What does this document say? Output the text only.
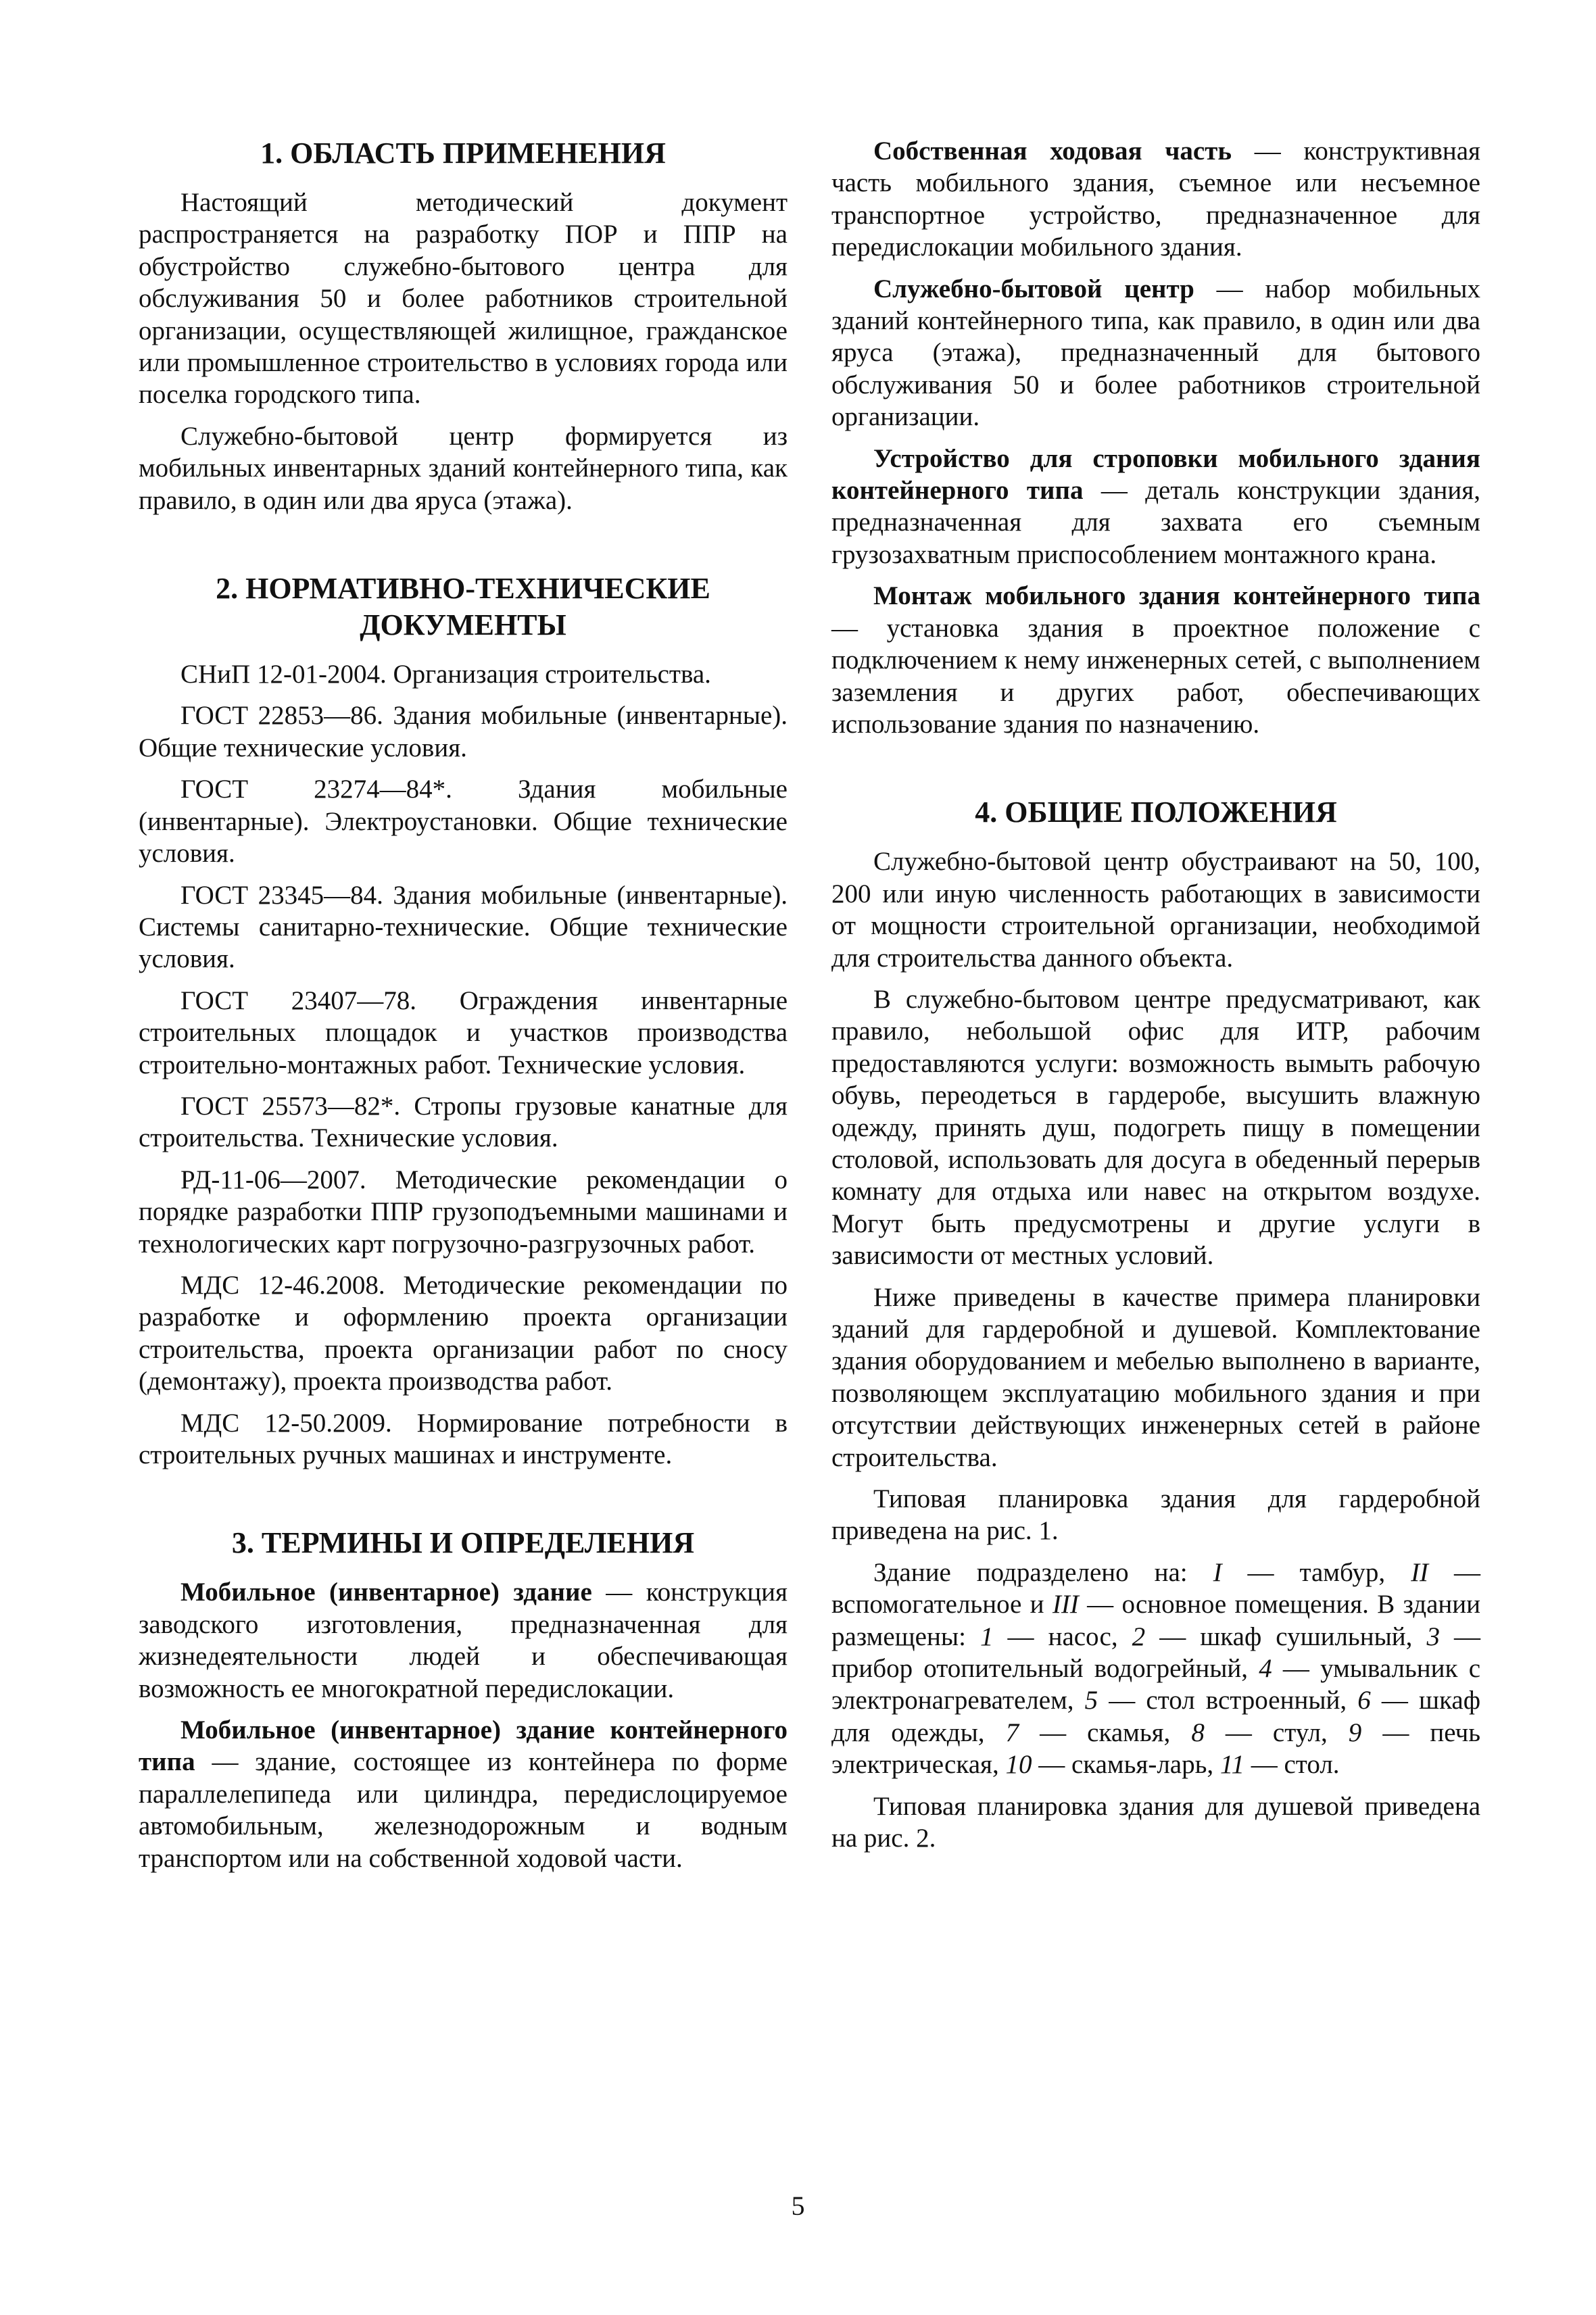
1. ОБЛАСТЬ ПРИМЕНЕНИЯ

Настоящий методический документ распространяется на разработку ПОР и ППР на обустройство служебно-бытового центра для обслуживания 50 и более работников строительной организации, осуществляющей жилищное, гражданское или промышленное строительство в условиях города или поселка городского типа.

Служебно-бытовой центр формируется из мобильных инвентарных зданий контейнерного типа, как правило, в один или два яруса (этажа).

2. НОРМАТИВНО-ТЕХНИЧЕСКИЕ ДОКУМЕНТЫ

СНиП 12-01-2004. Организация строительства.

ГОСТ 22853—86. Здания мобильные (инвентарные). Общие технические условия.

ГОСТ 23274—84*. Здания мобильные (инвентарные). Электроустановки. Общие технические условия.

ГОСТ 23345—84. Здания мобильные (инвентарные). Системы санитарно-технические. Общие технические условия.

ГОСТ 23407—78. Ограждения инвентарные строительных площадок и участков производства строительно-монтажных работ. Технические условия.

ГОСТ 25573—82*. Стропы грузовые канатные для строительства. Технические условия.

РД-11-06—2007. Методические рекомендации о порядке разработки ППР грузоподъемными машинами и технологических карт погрузочно-разгрузочных работ.

МДС 12-46.2008. Методические рекомендации по разработке и оформлению проекта организации строительства, проекта организации работ по сносу (демонтажу), проекта производства работ.

МДС 12-50.2009. Нормирование потребности в строительных ручных машинах и инструменте.

3. ТЕРМИНЫ И ОПРЕДЕЛЕНИЯ

Мобильное (инвентарное) здание — конструкция заводского изготовления, предназначенная для жизнедеятельности людей и обеспечивающая возможность ее многократной передислокации.

Мобильное (инвентарное) здание контейнерного типа — здание, состоящее из контейнера по форме параллелепипеда или цилиндра, передислоцируемое автомобильным, железнодорожным и водным транспортом или на собственной ходовой части.

Собственная ходовая часть — конструктивная часть мобильного здания, съемное или несъемное транспортное устройство, предназначенное для передислокации мобильного здания.

Служебно-бытовой центр — набор мобильных зданий контейнерного типа, как правило, в один или два яруса (этажа), предназначенный для бытового обслуживания 50 и более работников строительной организации.

Устройство для строповки мобильного здания контейнерного типа — деталь конструкции здания, предназначенная для захвата его съемным грузозахватным приспособлением монтажного крана.

Монтаж мобильного здания контейнерного типа — установка здания в проектное положение с подключением к нему инженерных сетей, с выполнением заземления и других работ, обеспечивающих использование здания по назначению.

4. ОБЩИЕ ПОЛОЖЕНИЯ

Служебно-бытовой центр обустраивают на 50, 100, 200 или иную численность работающих в зависимости от мощности строительной организации, необходимой для строительства данного объекта.

В служебно-бытовом центре предусматривают, как правило, небольшой офис для ИТР, рабочим предоставляются услуги: возможность вымыть рабочую обувь, переодеться в гардеробе, высушить влажную одежду, принять душ, подогреть пищу в помещении столовой, использовать для досуга в обеденный перерыв комнату для отдыха или навес на открытом воздухе. Могут быть предусмотрены и другие услуги в зависимости от местных условий.

Ниже приведены в качестве примера планировки зданий для гардеробной и душевой. Комплектование здания оборудованием и мебелью выполнено в варианте, позволяющем эксплуатацию мобильного здания и при отсутствии действующих инженерных сетей в районе строительства.

Типовая планировка здания для гардеробной приведена на рис. 1.

Здание подразделено на: I — тамбур, II — вспомогательное и III — основное помещения. В здании размещены: 1 — насос, 2 — шкаф сушильный, 3 — прибор отопительный водогрейный, 4 — умывальник с электронагревателем, 5 — стол встроенный, 6 — шкаф для одежды, 7 — скамья, 8 — стул, 9 — печь электрическая, 10 — скамья-ларь, 11 — стол.

Типовая планировка здания для душевой приведена на рис. 2.

5
